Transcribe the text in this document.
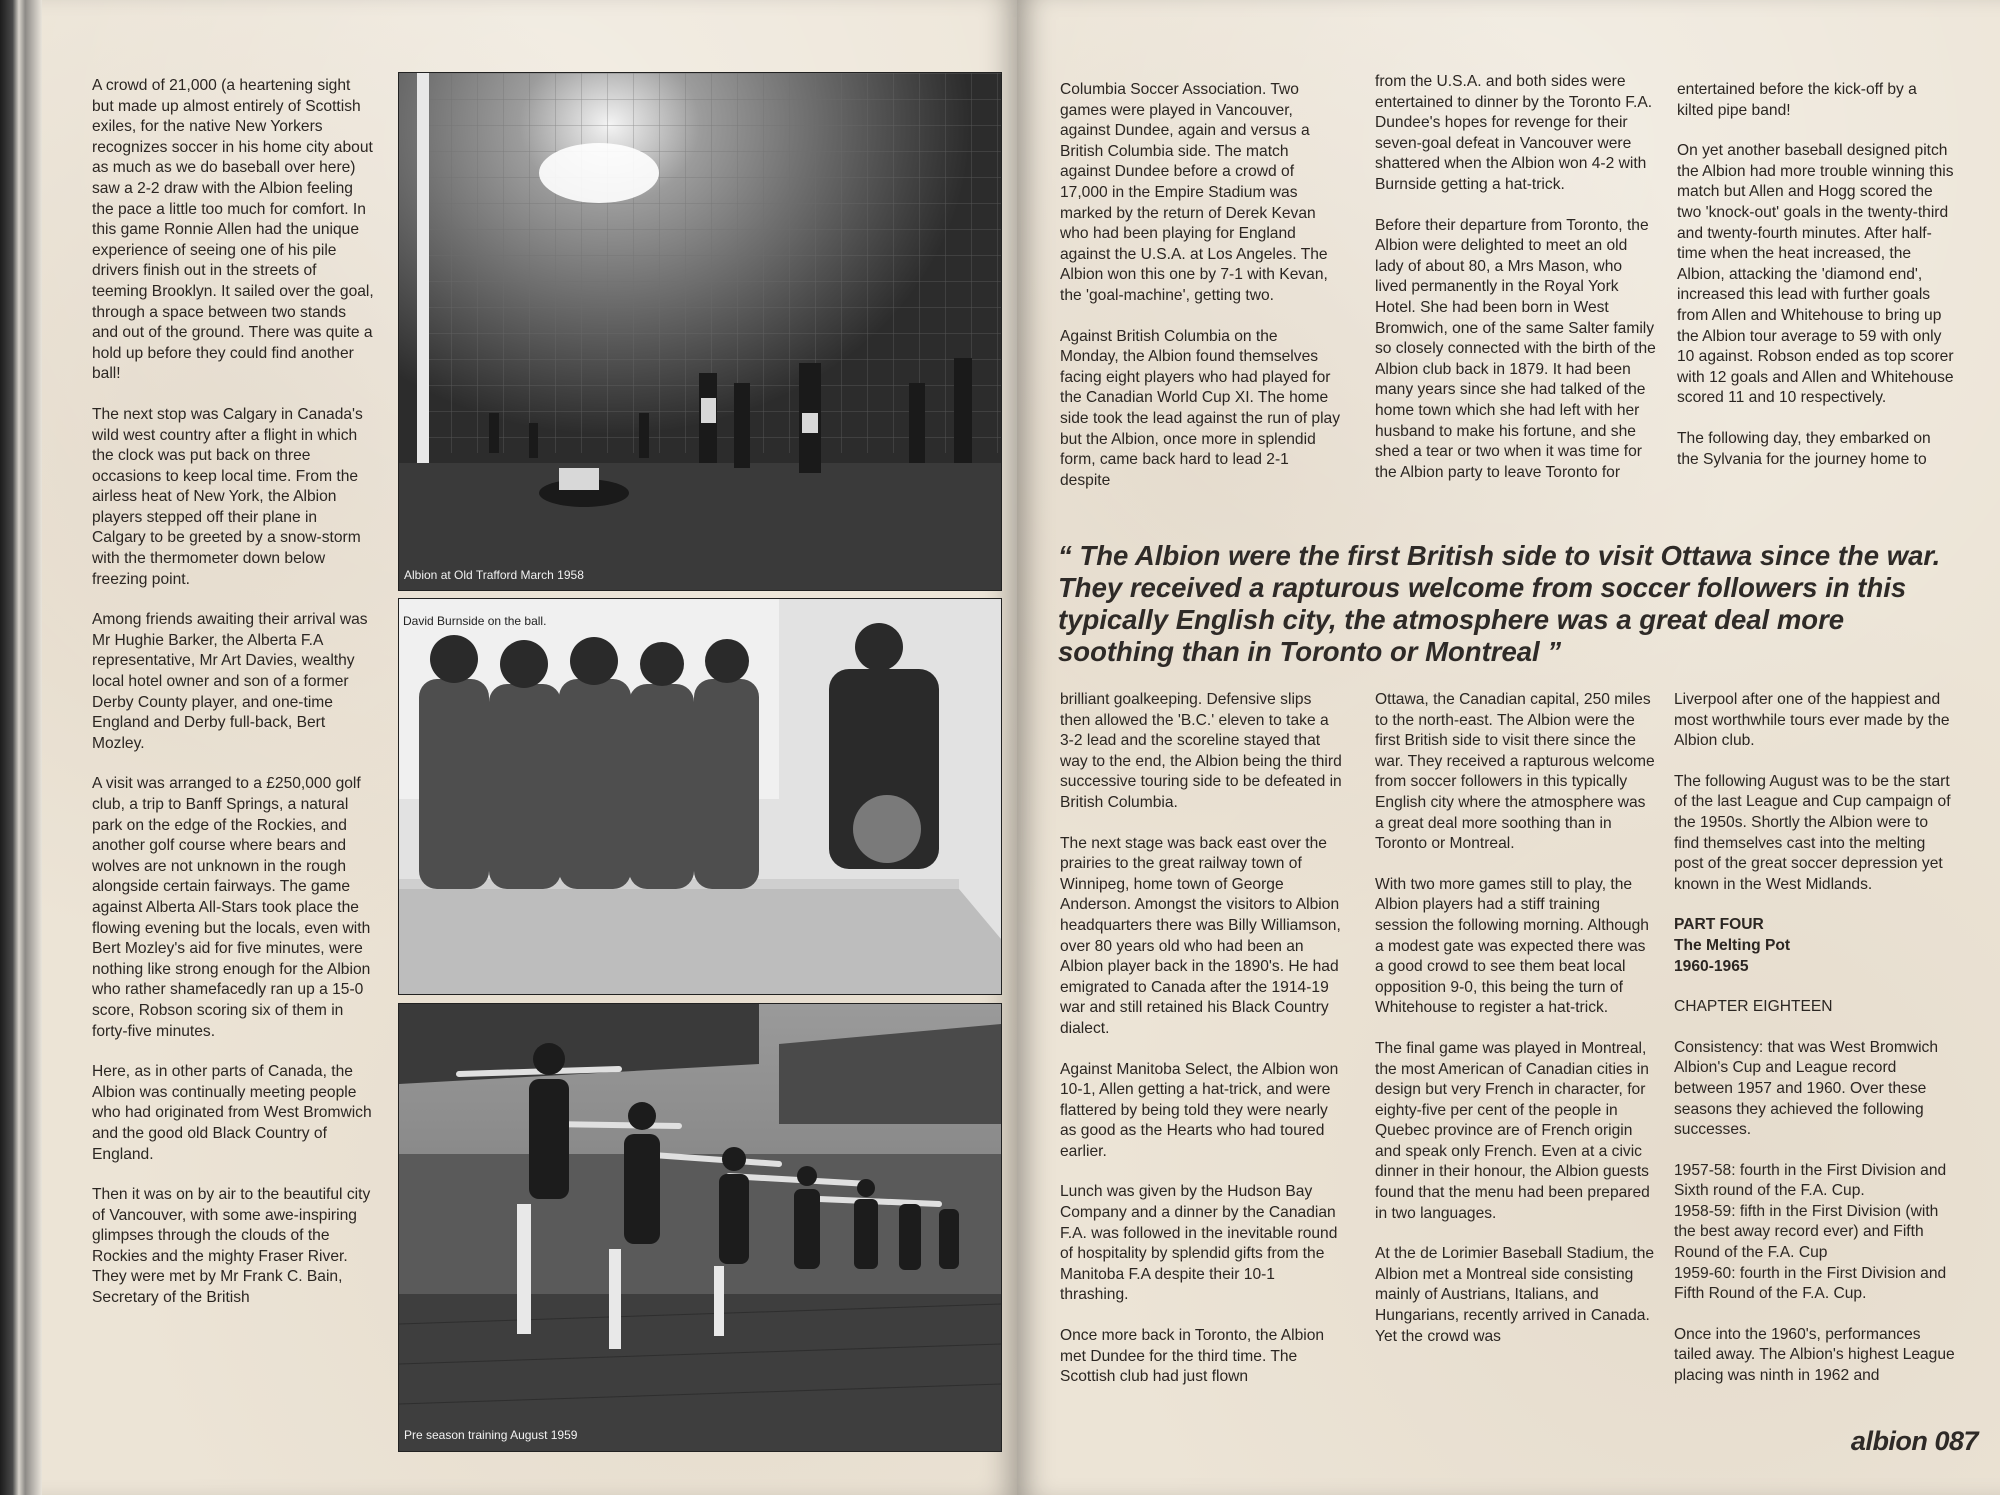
A crowd of 21,000 (a heartening sight but made up almost entirely of Scottish exiles, for the native New Yorkers recognizes soccer in his home city about as much as we do baseball over here) saw a 2-2 draw with the Albion feeling the pace a little too much for comfort. In this game Ronnie Allen had the unique experience of seeing one of his pile drivers finish out in the streets of teeming Brooklyn. It sailed over the goal, through a space between two stands and out of the ground. There was quite a hold up before they could find another ball!

The next stop was Calgary in Canada's wild west country after a flight in which the clock was put back on three occasions to keep local time. From the airless heat of New York, the Albion players stepped off their plane in Calgary to be greeted by a snow-storm with the thermometer down below freezing point.

Among friends awaiting their arrival was Mr Hughie Barker, the Alberta F.A representative, Mr Art Davies, wealthy local hotel owner and son of a former Derby County player, and one-time England and Derby full-back, Bert Mozley.

A visit was arranged to a £250,000 golf club, a trip to Banff Springs, a natural park on the edge of the Rockies, and another golf course where bears and wolves are not unknown in the rough alongside certain fairways. The game against Alberta All-Stars took place the flowing evening but the locals, even with Bert Mozley's aid for five minutes, were nothing like strong enough for the Albion who rather shamefacedly ran up a 15-0 score, Robson scoring six of them in forty-five minutes.

Here, as in other parts of Canada, the Albion was continually meeting people who had originated from West Bromwich and the good old Black Country of England.

Then it was on by air to the beautiful city of Vancouver, with some awe-inspiring glimpses through the clouds of the Rockies and the mighty Fraser River. They were met by Mr Frank C. Bain, Secretary of the British

Albion at Old Trafford March 1958
David Burnside on the ball.
Pre season training August 1959

Columbia Soccer Association. Two games were played in Vancouver, against Dundee, again and versus a British Columbia side. The match against Dundee before a crowd of 17,000 in the Empire Stadium was marked by the return of Derek Kevan who had been playing for England against the U.S.A. at Los Angeles. The Albion won this one by 7-1 with Kevan, the 'goal-machine', getting two.

Against British Columbia on the Monday, the Albion found themselves facing eight players who had played for the Canadian World Cup XI. The home side took the lead against the run of play but the Albion, once more in splendid form, came back hard to lead 2-1 despite

from the U.S.A. and both sides were entertained to dinner by the Toronto F.A. Dundee's hopes for revenge for their seven-goal defeat in Vancouver were shattered when the Albion won 4-2 with Burnside getting a hat-trick.

Before their departure from Toronto, the Albion were delighted to meet an old lady of about 80, a Mrs Mason, who lived permanently in the Royal York Hotel. She had been born in West Bromwich, one of the same Salter family so closely connected with the birth of the Albion club back in 1879. It had been many years since she had talked of the home town which she had left with her husband to make his fortune, and she shed a tear or two when it was time for the Albion party to leave Toronto for

entertained before the kick-off by a kilted pipe band!

On yet another baseball designed pitch the Albion had more trouble winning this match but Allen and Hogg scored the two 'knock-out' goals in the twenty-third and twenty-fourth minutes. After half-time when the heat increased, the Albion, attacking the 'diamond end', increased this lead with further goals from Allen and Whitehouse to bring up the Albion tour average to 59 with only 10 against. Robson ended as top scorer with 12 goals and Allen and Whitehouse scored 11 and 10 respectively.

The following day, they embarked on the Sylvania for the journey home to

“ The Albion were the first British side to visit Ottawa since the war. They received a rapturous welcome from soccer followers in this typically English city, the atmosphere was a great deal more soothing than in Toronto or Montreal ”

brilliant goalkeeping. Defensive slips then allowed the 'B.C.' eleven to take a 3-2 lead and the scoreline stayed that way to the end, the Albion being the third successive touring side to be defeated in British Columbia.

The next stage was back east over the prairies to the great railway town of Winnipeg, home town of George Anderson. Amongst the visitors to Albion headquarters there was Billy Williamson, over 80 years old who had been an Albion player back in the 1890's. He had emigrated to Canada after the 1914-19 war and still retained his Black Country dialect.

Against Manitoba Select, the Albion won 10-1, Allen getting a hat-trick, and were flattered by being told they were nearly as good as the Hearts who had toured earlier.

Lunch was given by the Hudson Bay Company and a dinner by the Canadian F.A. was followed in the inevitable round of hospitality by splendid gifts from the Manitoba F.A despite their 10-1 thrashing.

Once more back in Toronto, the Albion met Dundee for the third time. The Scottish club had just flown

Ottawa, the Canadian capital, 250 miles to the north-east. The Albion were the first British side to visit there since the war. They received a rapturous welcome from soccer followers in this typically English city where the atmosphere was a great deal more soothing than in Toronto or Montreal.

With two more games still to play, the Albion players had a stiff training session the following morning. Although a modest gate was expected there was a good crowd to see them beat local opposition 9-0, this being the turn of Whitehouse to register a hat-trick.

The final game was played in Montreal, the most American of Canadian cities in design but very French in character, for eighty-five per cent of the people in Quebec province are of French origin and speak only French. Even at a civic dinner in their honour, the Albion guests found that the menu had been prepared in two languages.

At the de Lorimier Baseball Stadium, the Albion met a Montreal side consisting mainly of Austrians, Italians, and Hungarians, recently arrived in Canada. Yet the crowd was

Liverpool after one of the happiest and most worthwhile tours ever made by the Albion club.

The following August was to be the start of the last League and Cup campaign of the 1950s. Shortly the Albion were to find themselves cast into the melting post of the great soccer depression yet known in the West Midlands.

PART FOUR

The Melting Pot

1960-1965

CHAPTER EIGHTEEN

Consistency: that was West Bromwich Albion's Cup and League record between 1957 and 1960. Over these seasons they achieved the following successes.

1957-58: fourth in the First Division and Sixth round of the F.A. Cup.

1958-59: fifth in the First Division (with the best away record ever) and Fifth Round of the F.A. Cup

1959-60: fourth in the First Division and Fifth Round of the F.A. Cup.

Once into the 1960's, performances tailed away. The Albion's highest League placing was ninth in 1962 and

albion 087
